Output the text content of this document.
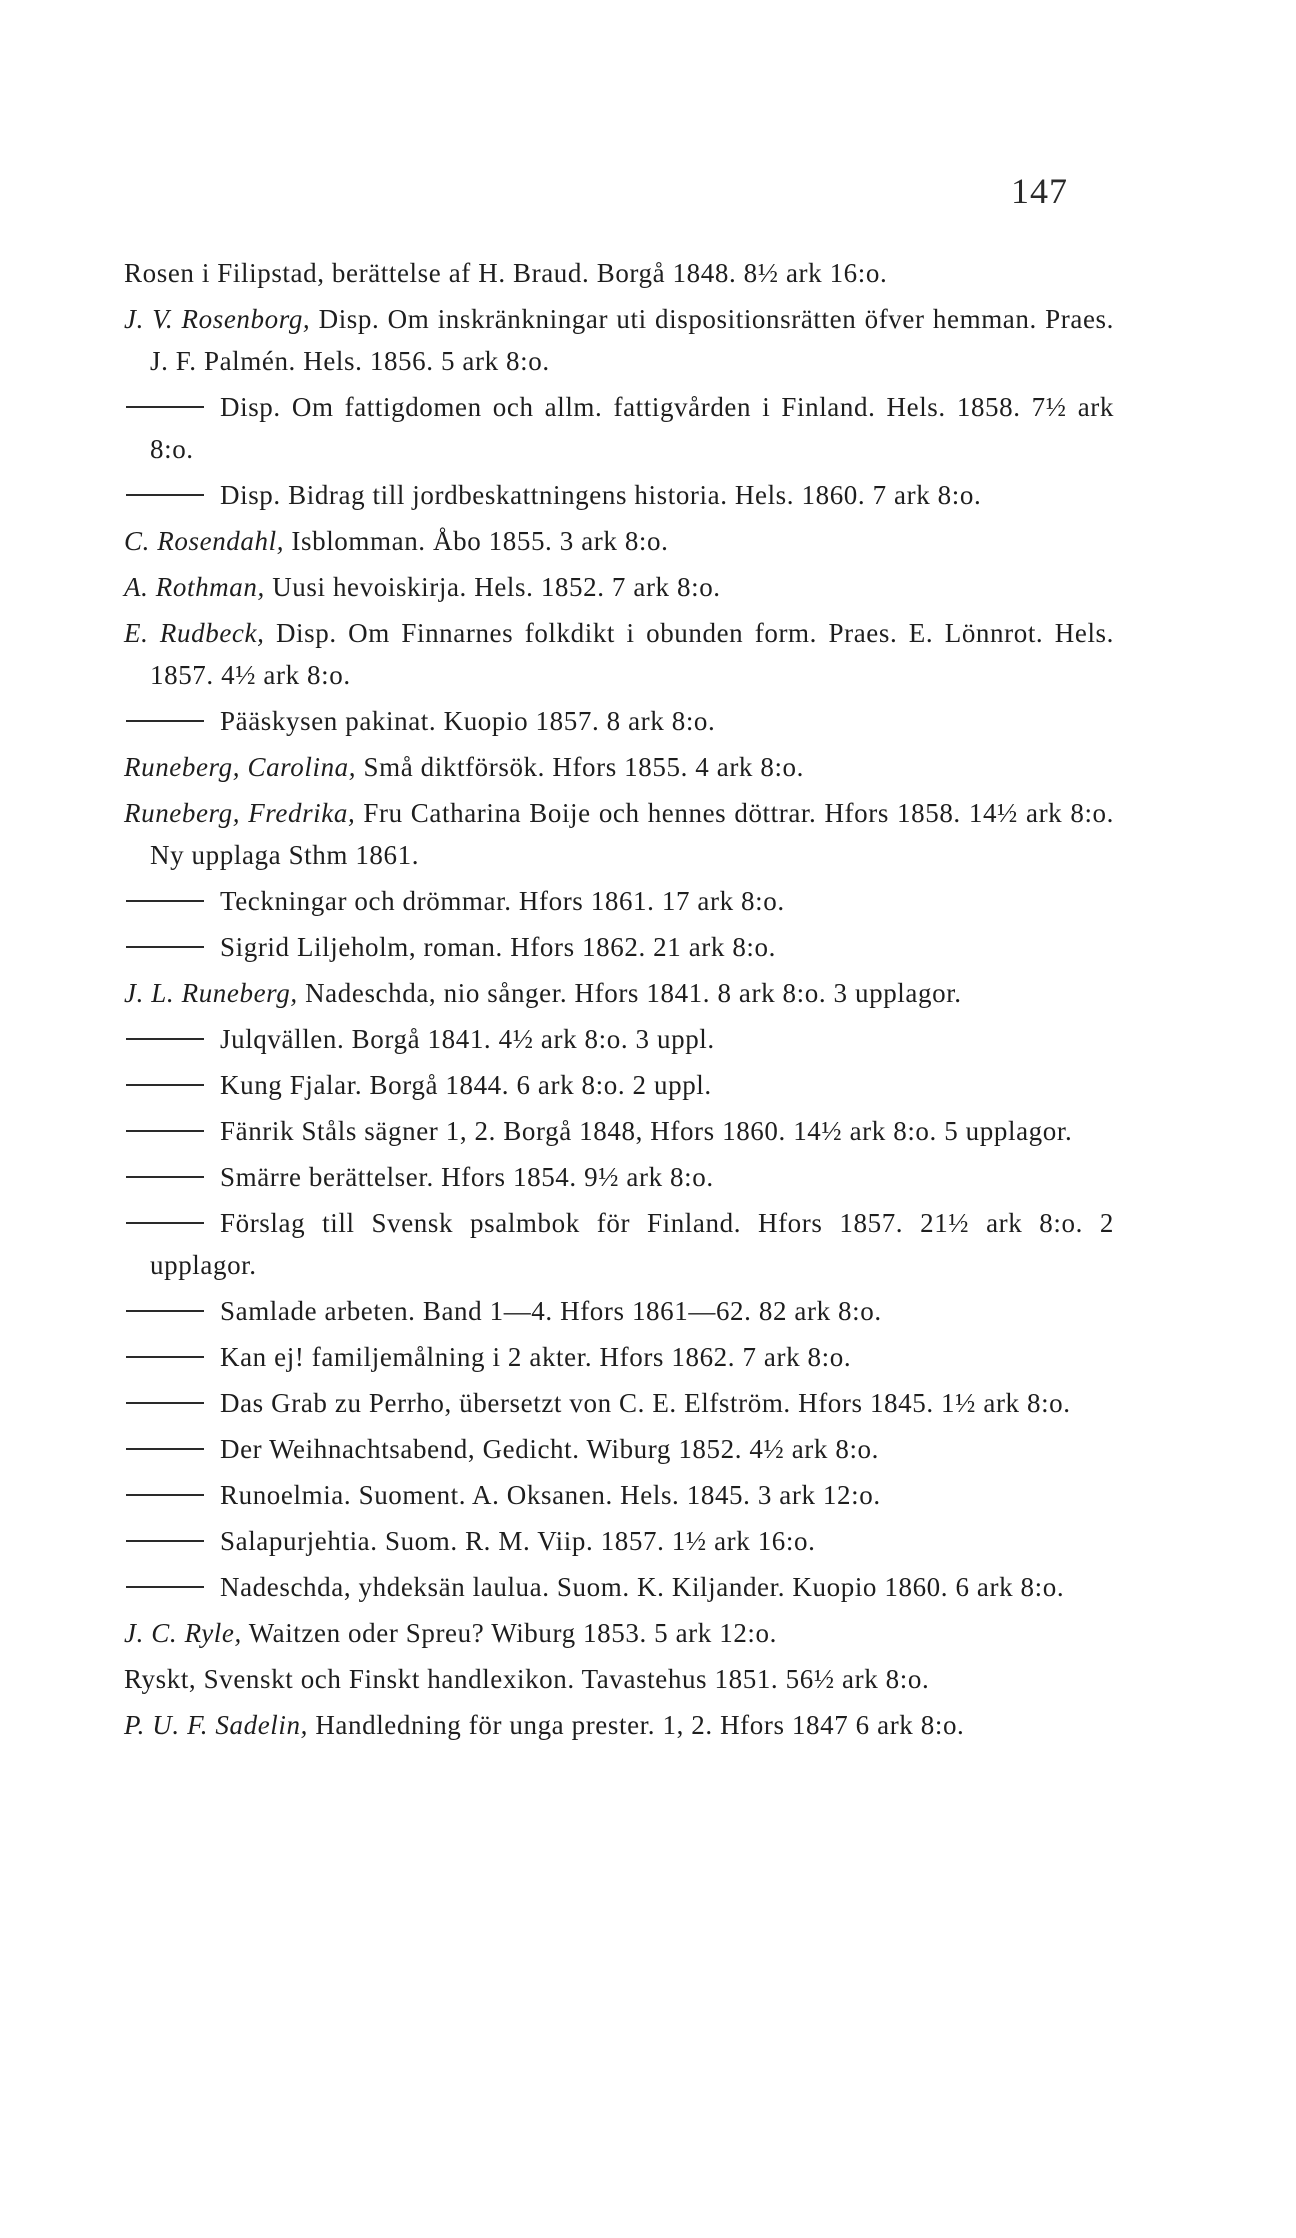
147

Rosen i Filipstad, berättelse af H. Braud. Borgå 1848. 8½ ark 16:o.

J. V. Rosenborg, Disp. Om inskränkningar uti dispositionsrätten öfver hemman. Praes. J. F. Palmén. Hels. 1856. 5 ark 8:o.

Disp. Om fattigdomen och allm. fattigvården i Finland. Hels. 1858. 7½ ark 8:o.

Disp. Bidrag till jordbeskattningens historia. Hels. 1860. 7 ark 8:o.

C. Rosendahl, Isblomman. Åbo 1855. 3 ark 8:o.

A. Rothman, Uusi hevoiskirja. Hels. 1852. 7 ark 8:o.

E. Rudbeck, Disp. Om Finnarnes folkdikt i obunden form. Praes. E. Lönnrot. Hels. 1857. 4½ ark 8:o.

Pääskysen pakinat. Kuopio 1857. 8 ark 8:o.

Runeberg, Carolina, Små diktförsök. Hfors 1855. 4 ark 8:o.

Runeberg, Fredrika, Fru Catharina Boije och hennes döttrar. Hfors 1858. 14½ ark 8:o. Ny upplaga Sthm 1861.

Teckningar och drömmar. Hfors 1861. 17 ark 8:o.

Sigrid Liljeholm, roman. Hfors 1862. 21 ark 8:o.

J. L. Runeberg, Nadeschda, nio sånger. Hfors 1841. 8 ark 8:o. 3 upplagor.

Julqvällen. Borgå 1841. 4½ ark 8:o. 3 uppl.

Kung Fjalar. Borgå 1844. 6 ark 8:o. 2 uppl.

Fänrik Ståls sägner 1, 2. Borgå 1848, Hfors 1860. 14½ ark 8:o. 5 upplagor.

Smärre berättelser. Hfors 1854. 9½ ark 8:o.

Förslag till Svensk psalmbok för Finland. Hfors 1857. 21½ ark 8:o. 2 upplagor.

Samlade arbeten. Band 1—4. Hfors 1861—62. 82 ark 8:o.

Kan ej! familjemålning i 2 akter. Hfors 1862. 7 ark 8:o.

Das Grab zu Perrho, übersetzt von C. E. Elfström. Hfors 1845. 1½ ark 8:o.

Der Weihnachtsabend, Gedicht. Wiburg 1852. 4½ ark 8:o.

Runoelmia. Suoment. A. Oksanen. Hels. 1845. 3 ark 12:o.

Salapurjehtia. Suom. R. M. Viip. 1857. 1½ ark 16:o.

Nadeschda, yhdeksän laulua. Suom. K. Kiljander. Kuopio 1860. 6 ark 8:o.

J. C. Ryle, Waitzen oder Spreu? Wiburg 1853. 5 ark 12:o.

Ryskt, Svenskt och Finskt handlexikon. Tavastehus 1851. 56½ ark 8:o.

P. U. F. Sadelin, Handledning för unga prester. 1, 2. Hfors 1847 6 ark 8:o.
